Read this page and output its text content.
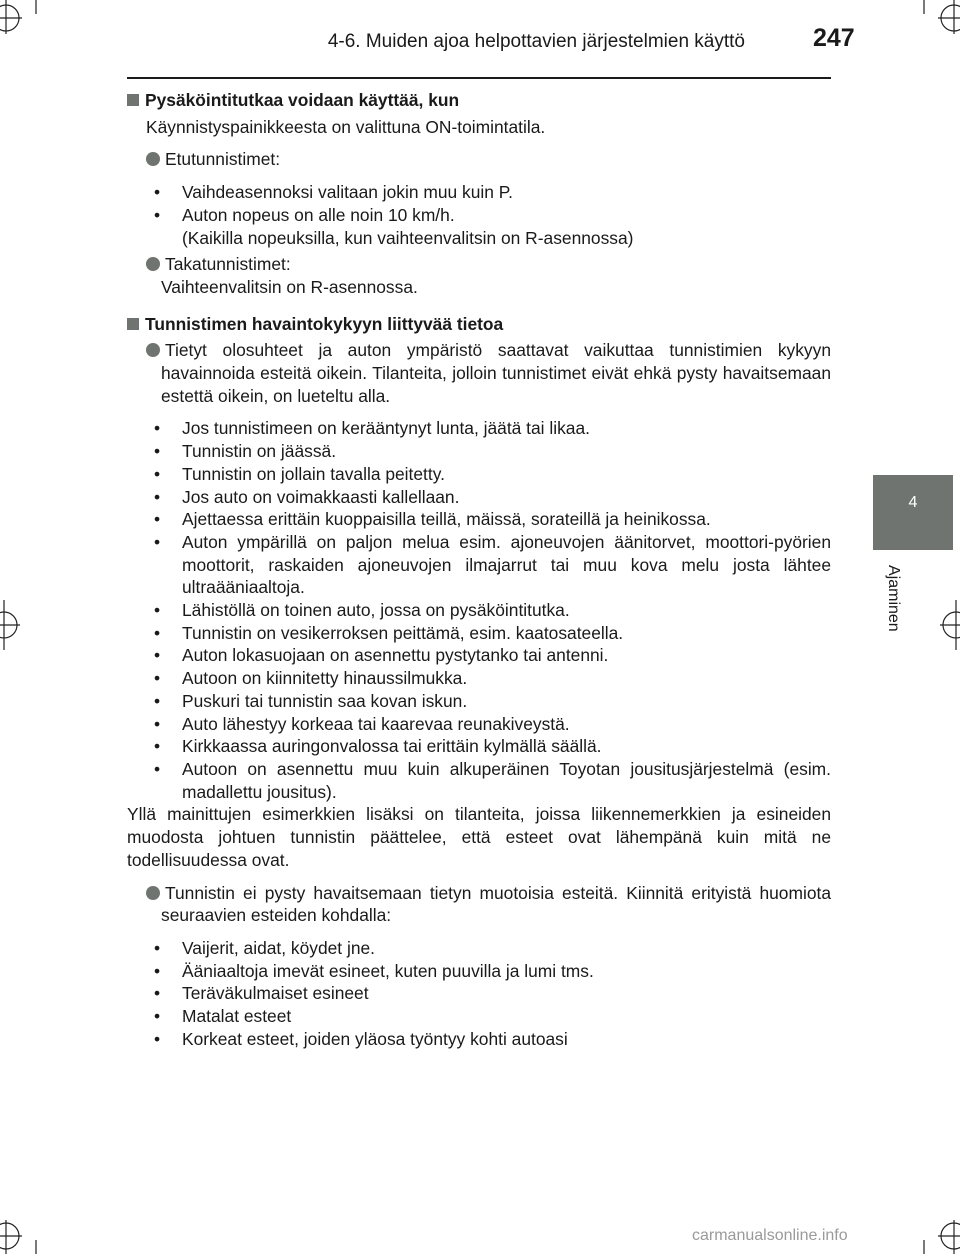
4-6. Muiden ajoa helpottavien järjestelmien käyttö	247
4
Ajaminen

Pysäköintitutkaa voidaan käyttää, kun

Käynnistyspainikkeesta on valittuna ON-toimintatila.

Etutunnistimet:

• Vaihdeasennoksi valitaan jokin muu kuin P.
• Auton nopeus on alle noin 10 km/h.
(Kaikilla nopeuksilla, kun vaihteenvalitsin on R-asennossa)

Takatunnistimet:
Vaihteenvalitsin on R-asennossa.

Tunnistimen havaintokykyyn liittyvää tietoa

Tietyt olosuhteet ja auton ympäristö saattavat vaikuttaa tunnistimien kykyyn havainnoida esteitä oikein. Tilanteita, jolloin tunnistimet eivät ehkä pysty havaitsemaan estettä oikein, on lueteltu alla.

• Jos tunnistimeen on kerääntynyt lunta, jäätä tai likaa.
• Tunnistin on jäässä.
• Tunnistin on jollain tavalla peitetty.
• Jos auto on voimakkaasti kallellaan.
• Ajettaessa erittäin kuoppaisilla teillä, mäissä, sorateillä ja heinikossa.
• Auton ympärillä on paljon melua esim. ajoneuvojen äänitorvet, moottori-pyörien moottorit, raskaiden ajoneuvojen ilmajarrut tai muu kova melu josta lähtee ultraääniaaltoja.
• Lähistöllä on toinen auto, jossa on pysäköintitutka.
• Tunnistin on vesikerroksen peittämä, esim. kaatosateella.
• Auton lokasuojaan on asennettu pystytanko tai antenni.
• Autoon on kiinnitetty hinaussilmukka.
• Puskuri tai tunnistin saa kovan iskun.
• Auto lähestyy korkeaa tai kaarevaa reunakiveystä.
• Kirkkaassa auringonvalossa tai erittäin kylmällä säällä.
• Autoon on asennettu muu kuin alkuperäinen Toyotan jousitusjärjestelmä (esim. madallettu jousitus).

Yllä mainittujen esimerkkien lisäksi on tilanteita, joissa liikennemerkkien ja esineiden muodosta johtuen tunnistin päättelee, että esteet ovat lähempänä kuin mitä ne todellisuudessa ovat.

Tunnistin ei pysty havaitsemaan tietyn muotoisia esteitä. Kiinnitä erityistä huomiota seuraavien esteiden kohdalla:

• Vaijerit, aidat, köydet jne.
• Ääniaaltoja imevät esineet, kuten puuvilla ja lumi tms.
• Teräväkulmaiset esineet
• Matalat esteet
• Korkeat esteet, joiden yläosa työntyy kohti autoasi
carmanualsonline.info
